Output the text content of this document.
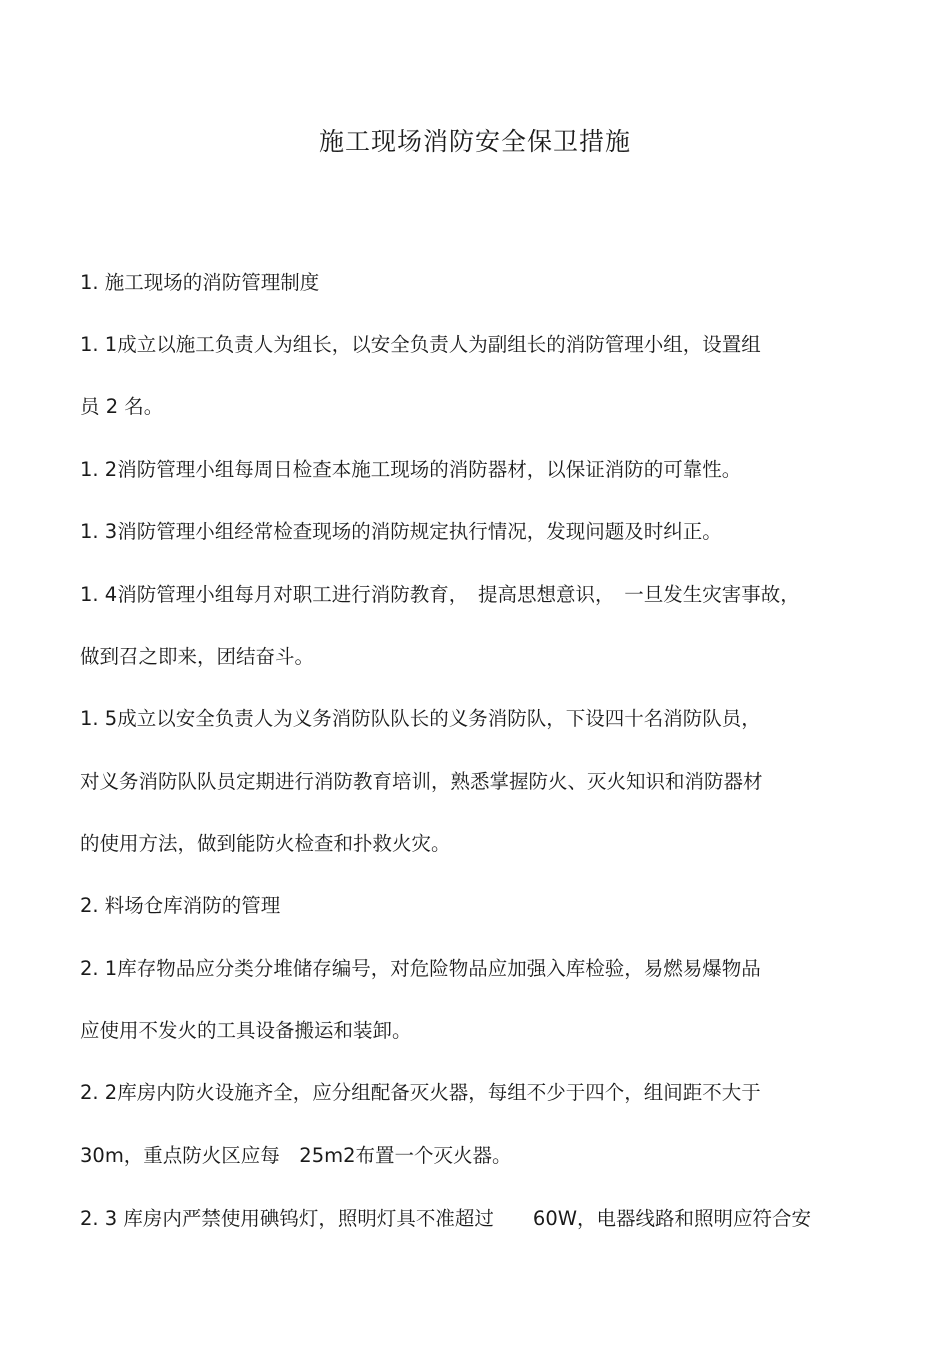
施工现场消防安全保卫措施
1. 施工现场的消防管理制度
1. 1成立以施工负责人为组长，以安全负责人为副组长的消防管理小组，设置组
员 2 名。
1. 2消防管理小组每周日检查本施工现场的消防器材，以保证消防的可靠性。
1. 3消防管理小组经常检查现场的消防规定执行情况，发现问题及时纠正。
1. 4消防管理小组每月对职工进行消防教育，　提高思想意识，　一旦发生灾害事故，
做到召之即来，团结奋斗。
1. 5成立以安全负责人为义务消防队队长的义务消防队，下设四十名消防队员，
对义务消防队队员定期进行消防教育培训，熟悉掌握防火、灭火知识和消防器材
的使用方法，做到能防火检查和扑救火灾。
2. 料场仓库消防的管理
2. 1库存物品应分类分堆储存编号，对危险物品应加强入库检验，易燃易爆物品
应使用不发火的工具设备搬运和装卸。
2. 2库房内防火设施齐全，应分组配备灭火器，每组不少于四个，组间距不大于
30m，重点防火区应每　25m2布置一个灭火器。
2. 3 库房内严禁使用碘钨灯，照明灯具不准超过　　60W，电器线路和照明应符合安
